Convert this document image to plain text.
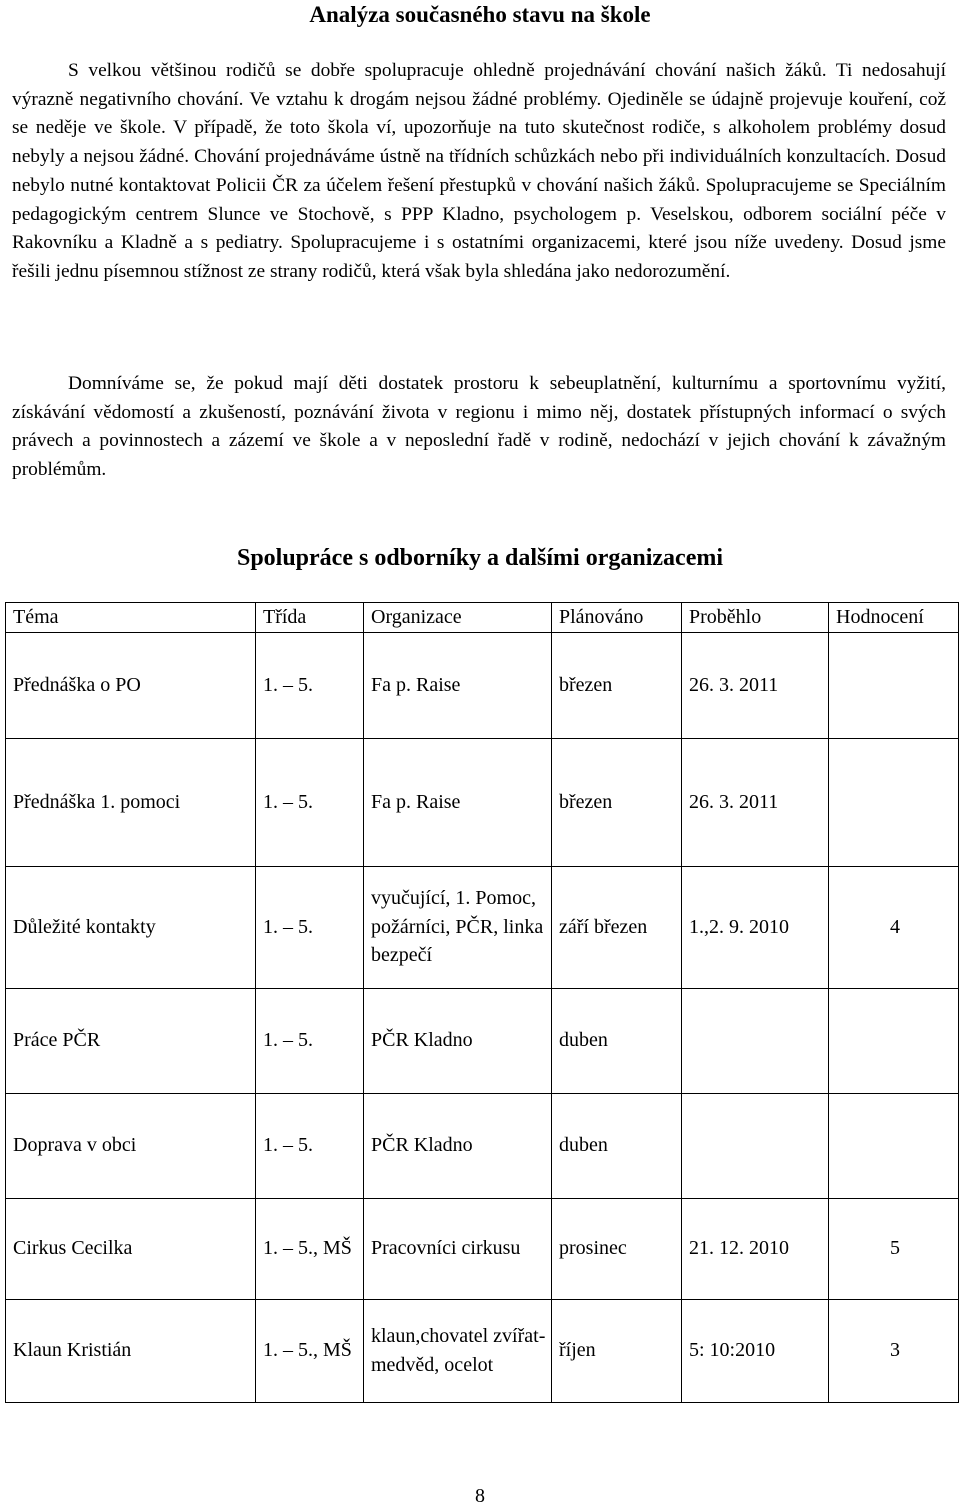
Analýza současného stavu na škole

S velkou většinou rodičů se dobře spolupracuje ohledně projednávání chování našich žáků. Ti nedosahují výrazně negativního chování. Ve vztahu k drogám nejsou žádné problémy. Ojediněle se údajně projevuje kouření, což se neděje ve škole. V případě, že toto škola ví, upozorňuje na tuto skutečnost rodiče, s alkoholem problémy dosud nebyly a nejsou žádné. Chování projednáváme ústně na třídních schůzkách nebo při individuálních konzultacích. Dosud nebylo nutné kontaktovat Policii ČR za účelem řešení přestupků v chování našich žáků. Spolupracujeme se Speciálním pedagogickým centrem Slunce ve Stochově, s PPP Kladno, psychologem p. Veselskou, odborem sociální péče v Rakovníku a Kladně a s pediatry. Spolupracujeme i s ostatními organizacemi, které jsou níže uvedeny. Dosud jsme řešili jednu písemnou stížnost ze strany rodičů, která však byla shledána jako nedorozumění.

Domníváme se, že pokud mají děti dostatek prostoru k sebeuplatnění, kulturnímu a sportovnímu vyžití, získávání vědomostí a zkušeností, poznávání života v regionu i mimo něj, dostatek přístupných informací o svých právech a povinnostech a zázemí ve škole a v neposlední řadě v rodině, nedochází v jejich chování k závažným problémům.

Spolupráce s odborníky a dalšími organizacemi
Téma	Třída	Organizace	Plánováno	Proběhlo	Hodnocení
Přednáška o PO	1. – 5.	Fa p. Raise	březen	26. 3. 2011	
Přednáška 1. pomoci	1. – 5.	Fa p. Raise	březen	26. 3. 2011	
Důležité kontakty	1. – 5.	vyučující, 1. Pomoc, požárníci, PČR, linka bezpečí	září březen	1.,2. 9. 2010	4
Práce PČR	1. – 5.	PČR Kladno	duben		
Doprava v obci	1. – 5.	PČR Kladno	duben		
Cirkus Cecilka	1. – 5., MŠ	Pracovníci cirkusu	prosinec	21. 12. 2010	5
Klaun Kristián	1. – 5., MŠ	klaun,chovatel zvířat-medvěd, ocelot	říjen	5: 10:2010	3
8
